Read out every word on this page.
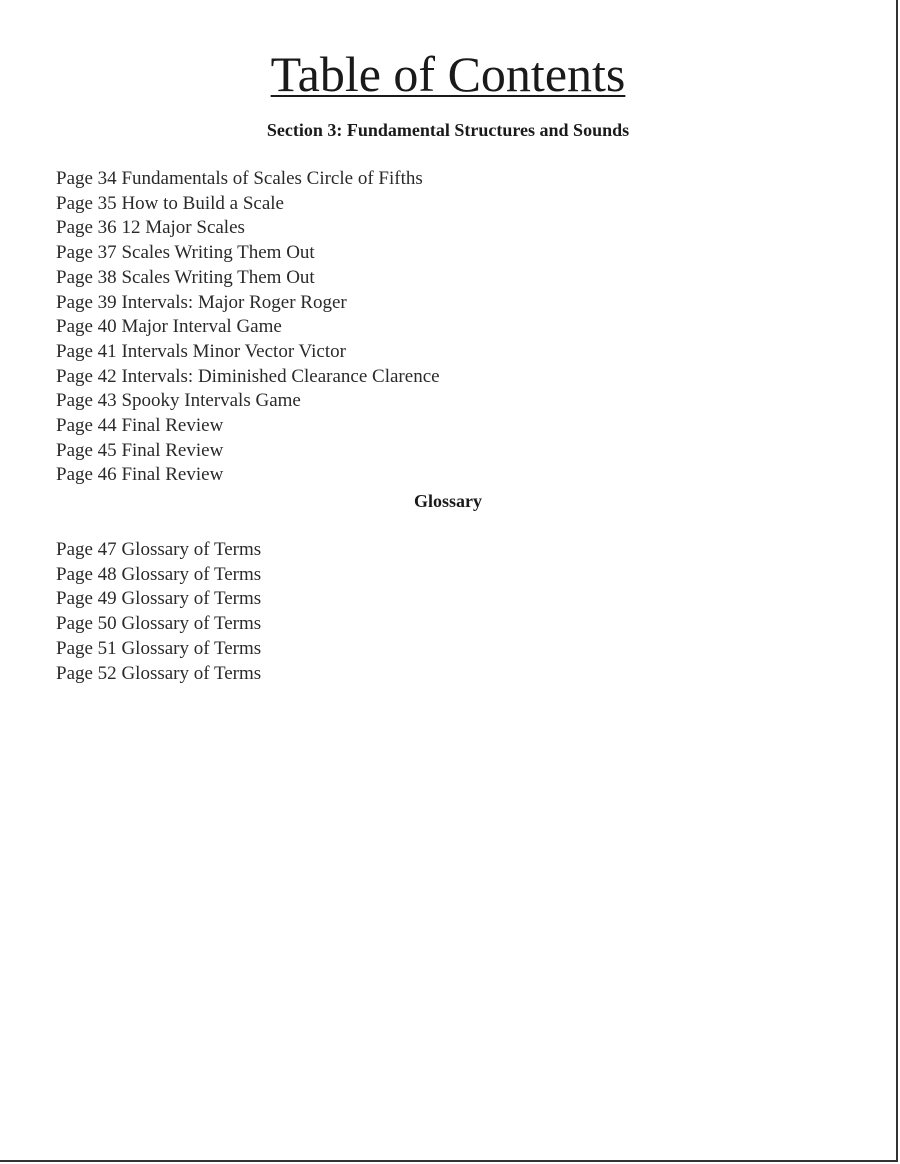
Table of Contents
Section 3: Fundamental Structures and Sounds
Page 34 Fundamentals of Scales Circle of Fifths
Page 35 How to Build a Scale
Page 36 12 Major Scales
Page 37 Scales Writing Them Out
Page 38 Scales Writing Them Out
Page 39 Intervals: Major Roger Roger
Page 40 Major Interval Game
Page 41 Intervals Minor Vector Victor
Page 42 Intervals: Diminished Clearance Clarence
Page 43 Spooky Intervals Game
Page 44 Final Review
Page 45 Final Review
Page 46 Final Review
Glossary
Page 47 Glossary of Terms
Page 48 Glossary of Terms
Page 49 Glossary of Terms
Page 50 Glossary of Terms
Page 51 Glossary of Terms
Page 52 Glossary of Terms
